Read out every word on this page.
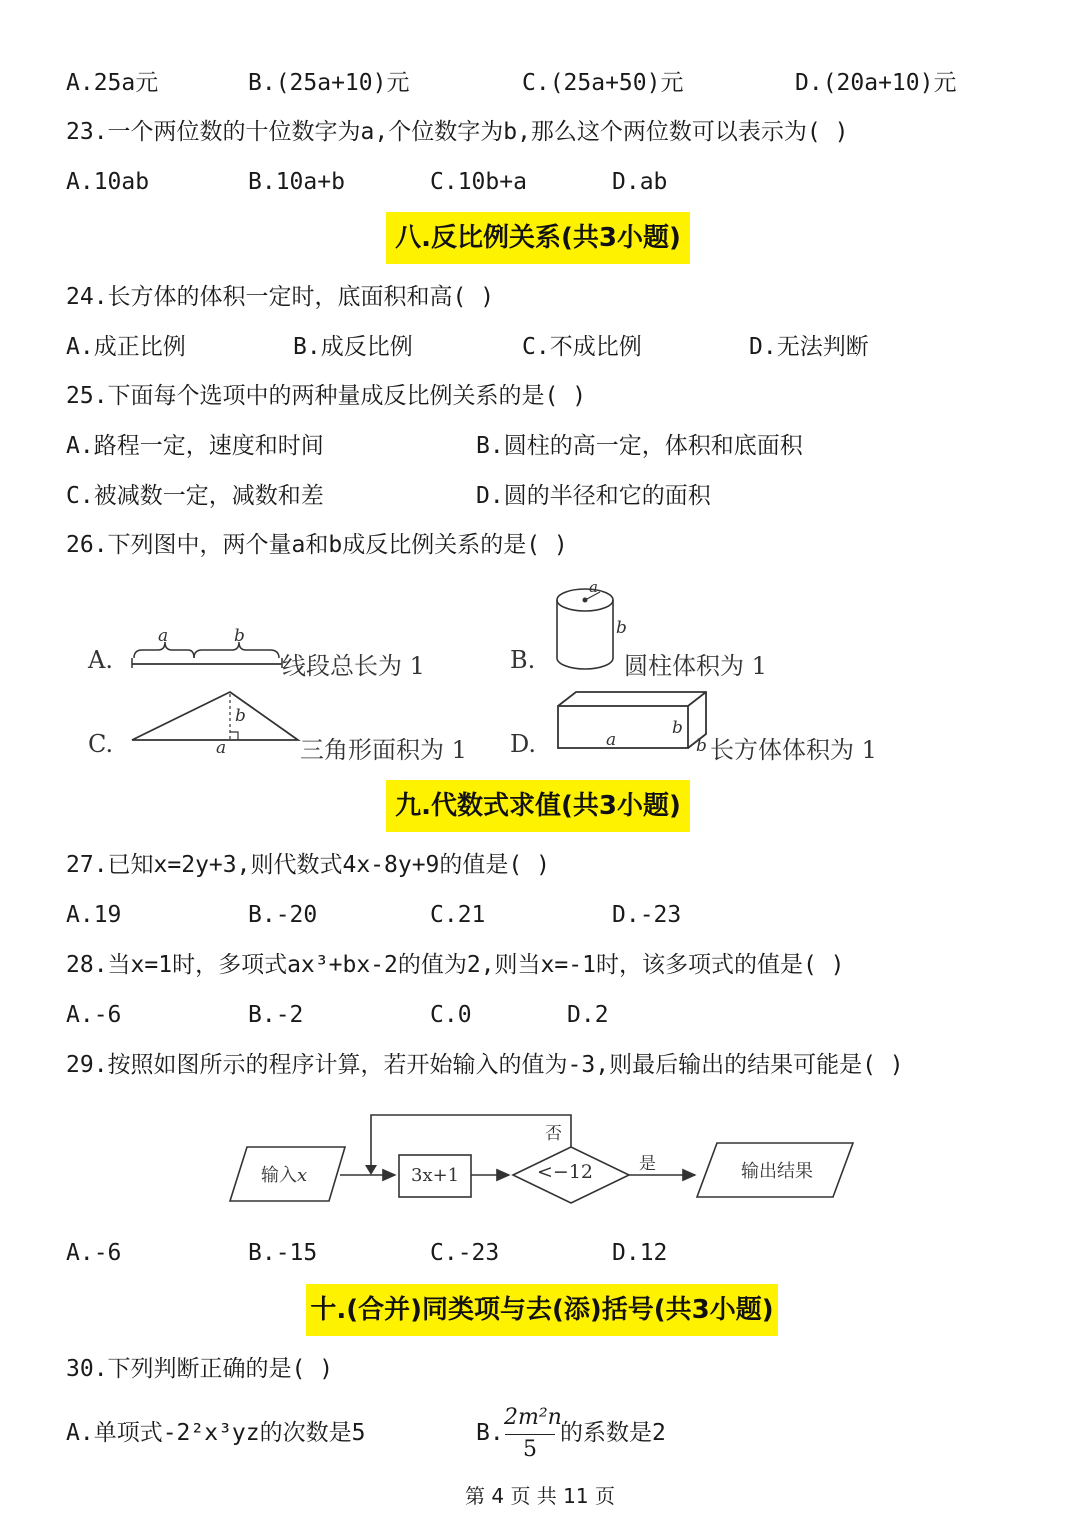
A.25a元	B.(25a+10)元	C.(25a+50)元	D.(20a+10)元
23.一个两位数的十位数字为a,个位数字为b,那么这个两位数可以表示为( )
A.10ab	B.10a+b	C.10b+a	D.ab
八.反比例关系(共3小题)
24.长方体的体积一定时，底面积和高( )
A.成正比例	B.成反比例	C.不成比例	D.无法判断
25.下面每个选项中的两种量成反比例关系的是( )
A.路程一定，速度和时间	B.圆柱的高一定，体积和底面积
C.被减数一定，减数和差	D.圆的半径和它的面积
26.下列图中，两个量a和b成反比例关系的是( )
A.
a	b
线段总长为 1	B.
a
b
圆柱体积为 1
C.
b
a	三角形面积为 1 D.	a
b
b 长方体体积为 1
九.代数式求值(共3小题)
27.已知x=2y+3,则代数式4x-8y+9的值是( )
A.19	B.-20	C.21	D.-23
28.当x=1时，多项式ax³+bx-2的值为2,则当x=-1时，该多项式的值是( )
A.-6	B.-2	C.0	D.2
29.按照如图所示的程序计算，若开始输入的值为-3,则最后输出的结果可能是( )
输入x	3x+1	<−12
否
是	输出结果
A.-6	B.-15	C.-23	D.12
十.(合并)同类项与去(添)括号(共3小题)
30.下列判断正确的是( )
A.单项式-2²x³yz的次数是5	B.
2m²n
5
的系数是2
第 4 页 共 11 页
